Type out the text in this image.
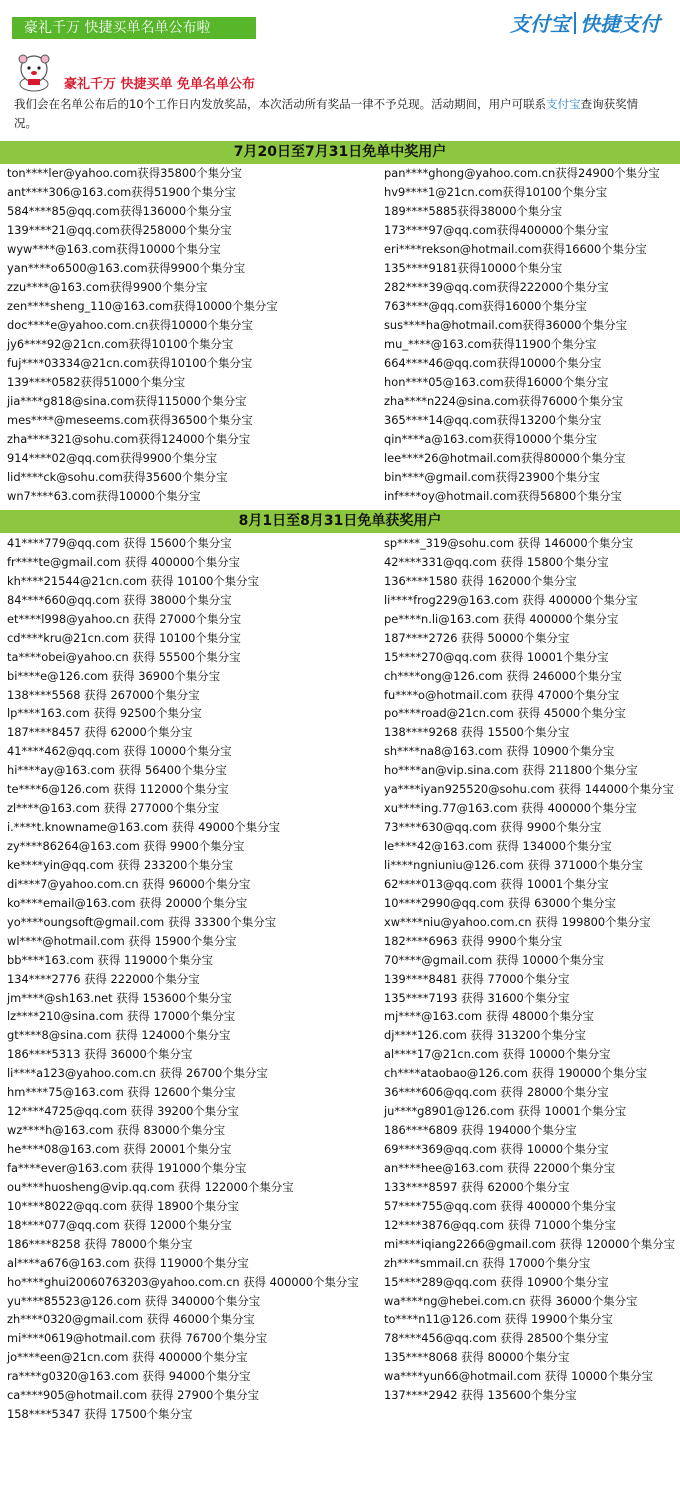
豪礼千万 快捷买单名单公布啦	支付宝 快捷支付
豪礼千万 快捷买单 免单名单公布
我们会在名单公布后的10个工作日内发放奖品，本次活动所有奖品一律不予兑现。活动期间，用户可联系支付宝查询获奖情况。
7月20日至7月31日免单中奖用户
ton****ler@yahoo.com获得35800个集分宝	pan****ghong@yahoo.com.cn获得24900个集分宝
ant****306@163.com获得51900个集分宝	hv9****1@21cn.com获得10100个集分宝
584****85@qq.com获得136000个集分宝	189****5885获得38000个集分宝
139****21@qq.com获得258000个集分宝	173****97@qq.com获得400000个集分宝
wyw****@163.com获得10000个集分宝	eri****rekson@hotmail.com获得16600个集分宝
yan****o6500@163.com获得9900个集分宝	135****9181获得10000个集分宝
zzu****@163.com获得9900个集分宝	282****39@qq.com获得222000个集分宝
zen****sheng_110@163.com获得10000个集分宝	763****@qq.com获得16000个集分宝
doc****e@yahoo.com.cn获得10000个集分宝	sus****ha@hotmail.com获得36000个集分宝
jy6****92@21cn.com获得10100个集分宝	mu_****@163.com获得11900个集分宝
fuj****03334@21cn.com获得10100个集分宝	664****46@qq.com获得10000个集分宝
139****0582获得51000个集分宝	hon****05@163.com获得16000个集分宝
jia****g818@sina.com获得115000个集分宝	zha****n224@sina.com获得76000个集分宝
mes****@meseems.com获得36500个集分宝	365****14@qq.com获得13200个集分宝
zha****321@sohu.com获得124000个集分宝	qin****a@163.com获得10000个集分宝
914****02@qq.com获得9900个集分宝	lee****26@hotmail.com获得80000个集分宝
lid****ck@sohu.com获得35600个集分宝	bin****@gmail.com获得23900个集分宝
wn7****63.com获得10000个集分宝	inf****oy@hotmail.com获得56800个集分宝
8月1日至8月31日免单获奖用户
41****779@qq.com 获得 15600个集分宝	sp****_319@sohu.com 获得 146000个集分宝
fr****te@gmail.com 获得 400000个集分宝	42****331@qq.com 获得 15800个集分宝
kh****21544@21cn.com 获得 10100个集分宝	136****1580 获得 162000个集分宝
84****660@qq.com 获得 38000个集分宝	li****frog229@163.com 获得 400000个集分宝
et****l998@yahoo.cn 获得 27000个集分宝	pe****n.li@163.com 获得 400000个集分宝
cd****kru@21cn.com 获得 10100个集分宝	187****2726 获得 50000个集分宝
ta****obei@yahoo.cn 获得 55500个集分宝	15****270@qq.com 获得 10001个集分宝
bi****e@126.com 获得 36900个集分宝	ch****ong@126.com 获得 246000个集分宝
138****5568 获得 267000个集分宝	fu****o@hotmail.com 获得 47000个集分宝
lp****163.com 获得 92500个集分宝	po****road@21cn.com 获得 45000个集分宝
187****8457 获得 62000个集分宝	138****9268 获得 15500个集分宝
41****462@qq.com 获得 10000个集分宝	sh****na8@163.com 获得 10900个集分宝
hi****ay@163.com 获得 56400个集分宝	ho****an@vip.sina.com 获得 211800个集分宝
te****6@126.com 获得 112000个集分宝	ya****iyan925520@sohu.com 获得 144000个集分宝
zl****@163.com 获得 277000个集分宝	xu****ing.77@163.com 获得 400000个集分宝
i.****t.knowname@163.com 获得 49000个集分宝	73****630@qq.com 获得 9900个集分宝
zy****86264@163.com 获得 9900个集分宝	le****42@163.com 获得 134000个集分宝
ke****yin@qq.com 获得 233200个集分宝	li****ngniuniu@126.com 获得 371000个集分宝
di****7@yahoo.com.cn 获得 96000个集分宝	62****013@qq.com 获得 10001个集分宝
ko****email@163.com 获得 20000个集分宝	10****2990@qq.com 获得 63000个集分宝
yo****oungsoft@gmail.com 获得 33300个集分宝	xw****niu@yahoo.com.cn 获得 199800个集分宝
wl****@hotmail.com 获得 15900个集分宝	182****6963 获得 9900个集分宝
bb****163.com 获得 119000个集分宝	70****@gmail.com 获得 10000个集分宝
134****2776 获得 222000个集分宝	139****8481 获得 77000个集分宝
jm****@sh163.net 获得 153600个集分宝	135****7193 获得 31600个集分宝
lz****210@sina.com 获得 17000个集分宝	mj****@163.com 获得 48000个集分宝
gt****8@sina.com 获得 124000个集分宝	dj****126.com 获得 313200个集分宝
186****5313 获得 36000个集分宝	al****17@21cn.com 获得 10000个集分宝
li****a123@yahoo.com.cn 获得 26700个集分宝	ch****ataobao@126.com 获得 190000个集分宝
hm****75@163.com 获得 12600个集分宝	36****606@qq.com 获得 28000个集分宝
12****4725@qq.com 获得 39200个集分宝	ju****g8901@126.com 获得 10001个集分宝
wz****h@163.com 获得 83000个集分宝	186****6809 获得 194000个集分宝
he****08@163.com 获得 20001个集分宝	69****369@qq.com 获得 10000个集分宝
fa****ever@163.com 获得 191000个集分宝	an****hee@163.com 获得 22000个集分宝
ou****huosheng@vip.qq.com 获得 122000个集分宝	133****8597 获得 62000个集分宝
10****8022@qq.com 获得 18900个集分宝	57****755@qq.com 获得 400000个集分宝
18****077@qq.com 获得 12000个集分宝	12****3876@qq.com 获得 71000个集分宝
186****8258 获得 78000个集分宝	mi****iqiang2266@gmail.com 获得 120000个集分宝
al****a676@163.com 获得 119000个集分宝	zh****smmail.cn 获得 17000个集分宝
ho****ghui20060763203@yahoo.com.cn 获得 400000个集分宝 15****289@qq.com 获得 10900个集分宝
yu****85523@126.com 获得 340000个集分宝	wa****ng@hebei.com.cn 获得 36000个集分宝
zh****0320@gmail.com 获得 46000个集分宝	to****n11@126.com 获得 19900个集分宝
mi****0619@hotmail.com 获得 76700个集分宝	78****456@qq.com 获得 28500个集分宝
jo****een@21cn.com 获得 400000个集分宝	135****8068 获得 80000个集分宝
ra****g0320@163.com 获得 94000个集分宝	wa****yun66@hotmail.com 获得 10000个集分宝
ca****905@hotmail.com 获得 27900个集分宝	137****2942 获得 135600个集分宝
158****5347 获得 17500个集分宝
